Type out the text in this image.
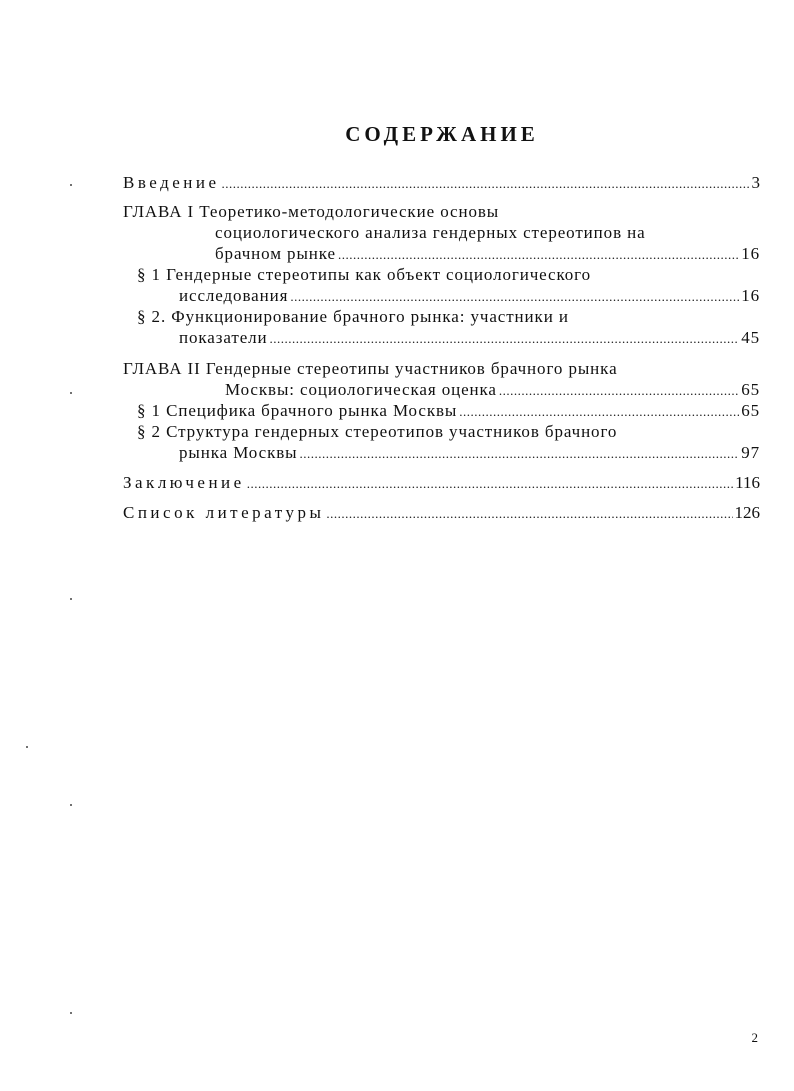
СОДЕРЖАНИЕ
Введение .....	3
ГЛАВА I Теоретико-методологические основы
социологического анализа гендерных стереотипов на
брачном рынке .....	16
§ 1 Гендерные стереотипы как объект социологического
исследования .....	16
§ 2. Функционирование брачного рынка: участники и
показатели .....	45
ГЛАВА II Гендерные стереотипы участников брачного рынка
Москвы: социологическая оценка .....	65
§ 1 Специфика брачного рынка Москвы .....	65
§ 2 Структура гендерных стереотипов участников брачного
рынка Москвы .....	97
Заключение .....	116
Список литературы .....	126
2
